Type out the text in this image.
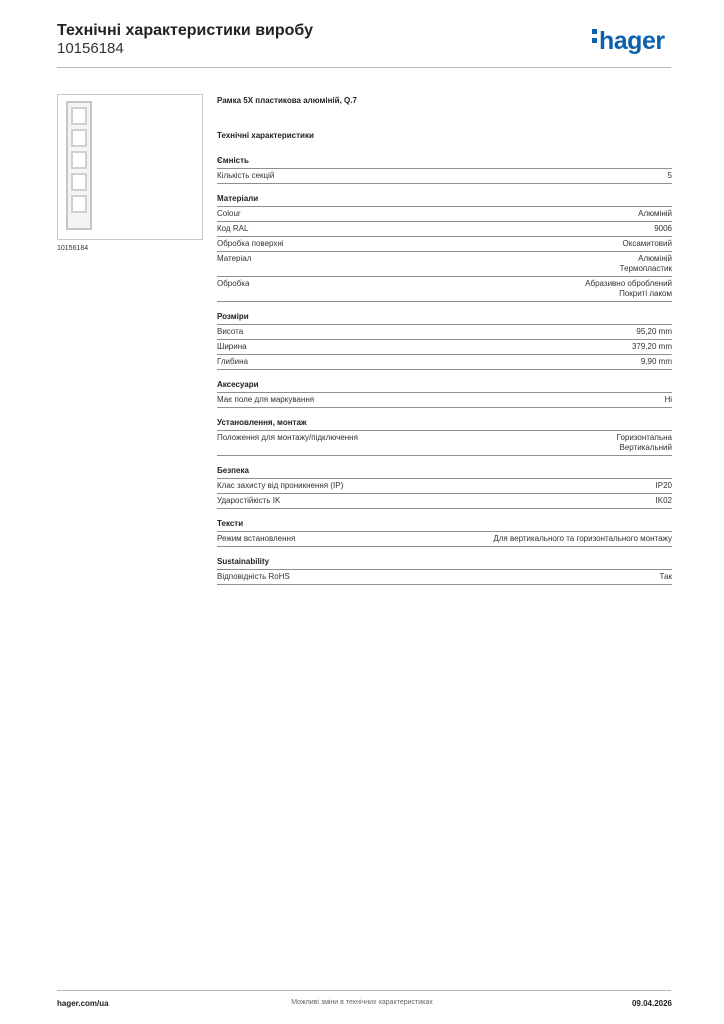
Технічні характеристики виробу
10156184	hager
10156184
Рамка 5X пластикова алюміній, Q.7
Технічні характеристики
Ємність
Кількість секцій	5
Матеріали
Colour	Алюміній
Код RAL	9006
Обробка поверхні	Оксамитовий
Матеріал	Алюміній
Термопластик
Обробка	Абразивно оброблений
Покриті лаком
Розміри
Висота	95,20 mm
Ширина	379,20 mm
Глибина	9,90 mm
Аксесуари
Має поле для маркування	Ні
Установлення, монтаж
Положення для монтажу/підключення	Горизонтальна
Вертикальний
Безпека
Клас захисту від проникнення (IP)	IP20
Ударостійкість IK	IK02
Тексти
Режим встановлення	Для вертикального та горизонтального монтажу
Sustainability
Відповідність RoHS	Так
hager.com/ua	Можливі зміни в технічних характеристиках	09.04.2026
